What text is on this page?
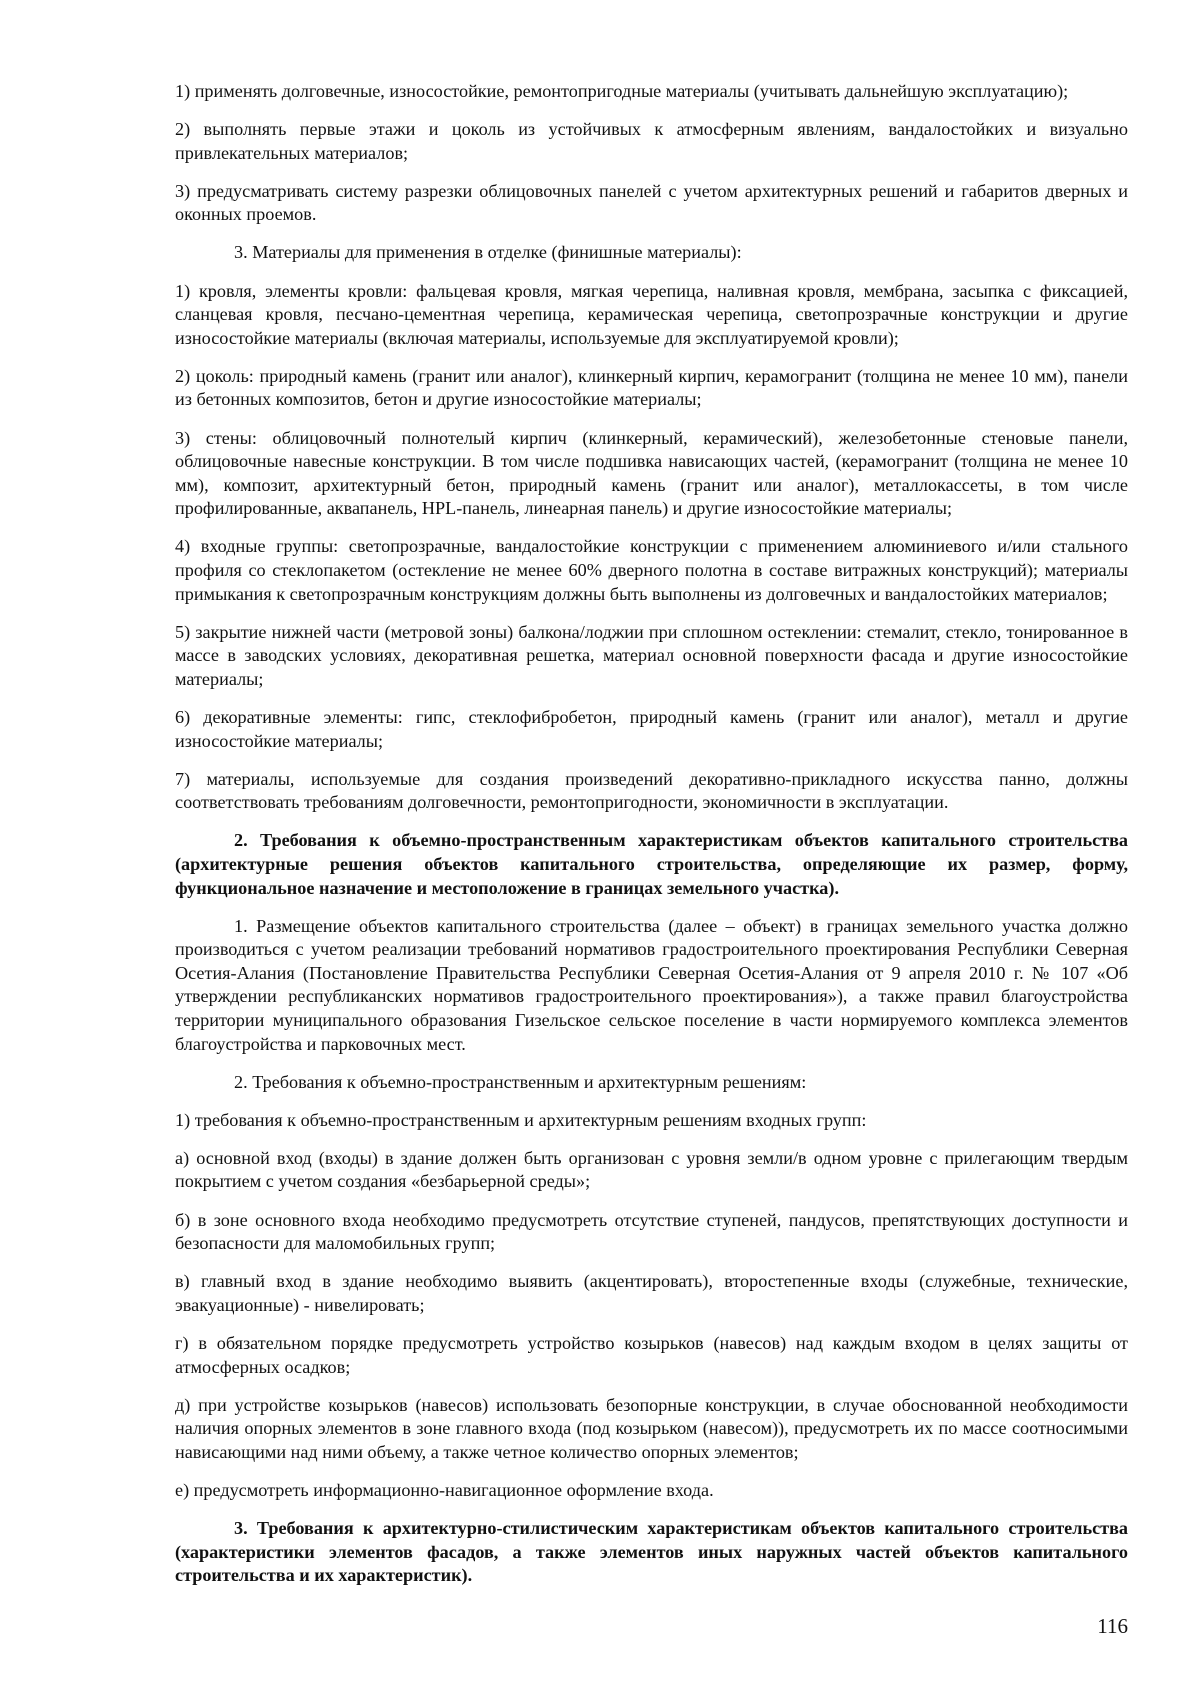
1) применять долговечные, износостойкие, ремонтопригодные материалы (учитывать дальнейшую эксплуатацию);

2) выполнять первые этажи и цоколь из устойчивых к атмосферным явлениям, вандалостойких и визуально привлекательных материалов;

3) предусматривать систему разрезки облицовочных панелей с учетом архитектурных решений и габаритов дверных и оконных проемов.

3. Материалы для применения в отделке (финишные материалы):

1) кровля, элементы кровли: фальцевая кровля, мягкая черепица, наливная кровля, мембрана, засыпка с фиксацией, сланцевая кровля, песчано-цементная черепица, керамическая черепица, светопрозрачные конструкции и другие износостойкие материалы (включая материалы, используемые для эксплуатируемой кровли);

2) цоколь: природный камень (гранит или аналог), клинкерный кирпич, керамогранит (толщина не менее 10 мм), панели из бетонных композитов, бетон и другие износостойкие материалы;

3) стены: облицовочный полнотелый кирпич (клинкерный, керамический), железобетонные стеновые панели, облицовочные навесные конструкции. В том числе подшивка нависающих частей, (керамогранит (толщина не менее 10 мм), композит, архитектурный бетон, природный камень (гранит или аналог), металлокассеты, в том числе профилированные, аквапанель, HPL-панель, линеарная панель) и другие износостойкие материалы;

4) входные группы: светопрозрачные, вандалостойкие конструкции с применением алюминиевого и/или стального профиля со стеклопакетом (остекление не менее 60% дверного полотна в составе витражных конструкций); материалы примыкания к светопрозрачным конструкциям должны быть выполнены из долговечных и вандалостойких материалов;

5) закрытие нижней части (метровой зоны) балкона/лоджии при сплошном остеклении: стемалит, стекло, тонированное в массе в заводских условиях, декоративная решетка, материал основной поверхности фасада и другие износостойкие материалы;

6) декоративные элементы: гипс, стеклофибробетон, природный камень (гранит или аналог), металл и другие износостойкие материалы;

7) материалы, используемые для создания произведений декоративно-прикладного искусства панно, должны соответствовать требованиям долговечности, ремонтопригодности, экономичности в эксплуатации.

2. Требования к объемно-пространственным характеристикам объектов капитального строительства (архитектурные решения объектов капитального строительства, определяющие их размер, форму, функциональное назначение и местоположение в границах земельного участка).

1. Размещение объектов капитального строительства (далее – объект) в границах земельного участка должно производиться с учетом реализации требований нормативов градостроительного проектирования Республики Северная Осетия-Алания (Постановление Правительства Республики Северная Осетия-Алания от 9 апреля 2010 г. № 107 «Об утверждении республиканских нормативов градостроительного проектирования»), а также правил благоустройства территории муниципального образования Гизельское сельское поселение в части нормируемого комплекса элементов благоустройства и парковочных мест.

2. Требования к объемно-пространственным и архитектурным решениям:

1) требования к объемно-пространственным и архитектурным решениям входных групп:

а) основной вход (входы) в здание должен быть организован с уровня земли/в одном уровне с прилегающим твердым покрытием с учетом создания «безбарьерной среды»;

б) в зоне основного входа необходимо предусмотреть отсутствие ступеней, пандусов, препятствующих доступности и безопасности для маломобильных групп;

в) главный вход в здание необходимо выявить (акцентировать), второстепенные входы (служебные, технические, эвакуационные) - нивелировать;

г) в обязательном порядке предусмотреть устройство козырьков (навесов) над каждым входом в целях защиты от атмосферных осадков;

д) при устройстве козырьков (навесов) использовать безопорные конструкции, в случае обоснованной необходимости наличия опорных элементов в зоне главного входа (под козырьком (навесом)), предусмотреть их по массе соотносимыми нависающими над ними объему, а также четное количество опорных элементов;

е) предусмотреть информационно-навигационное оформление входа.

3. Требования к архитектурно-стилистическим характеристикам объектов капитального строительства (характеристики элементов фасадов, а также элементов иных наружных частей объектов капитального строительства и их характеристик).

116
